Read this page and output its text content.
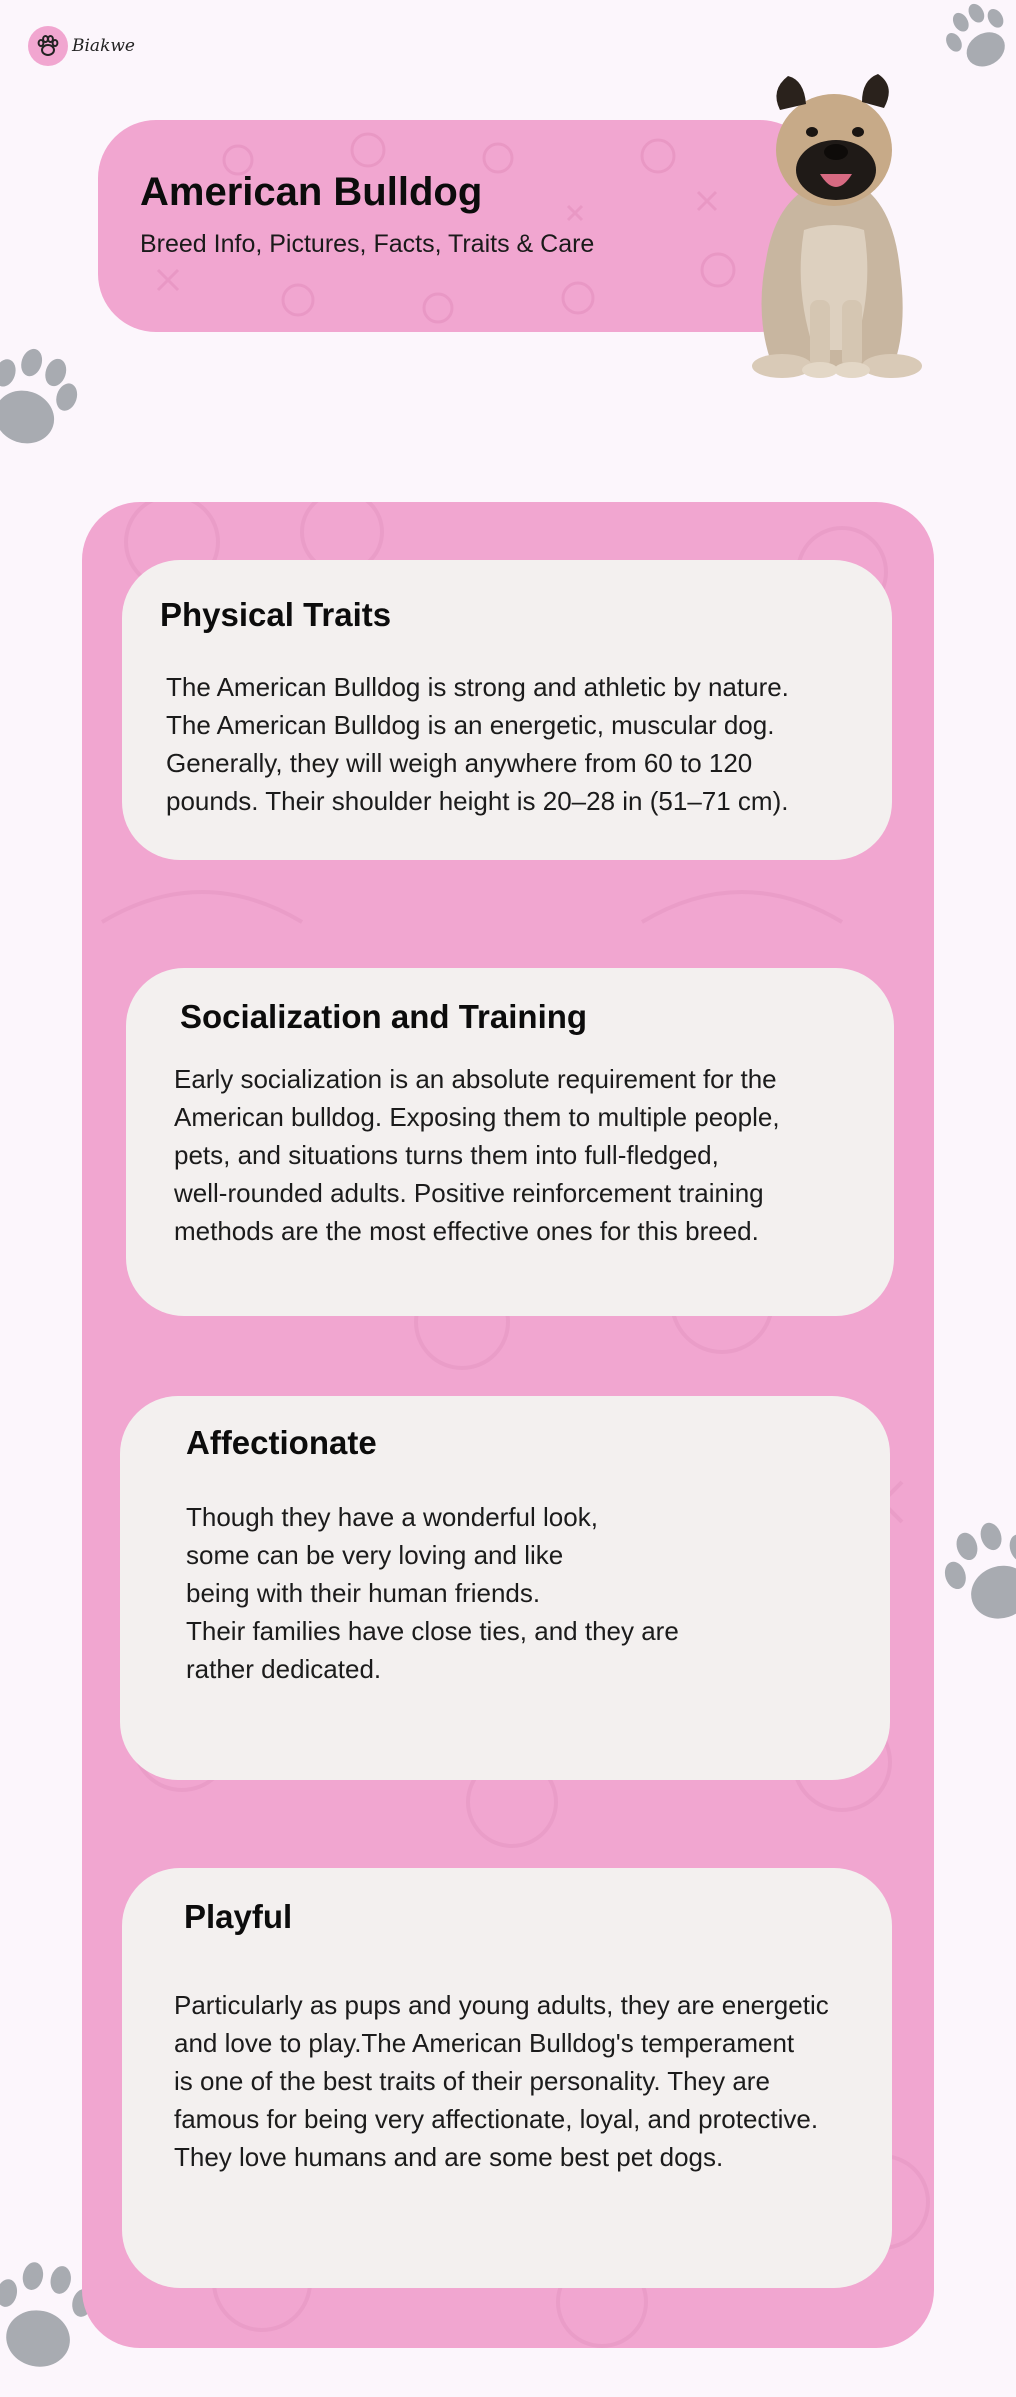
Biakwe
American Bulldog
Breed Info, Pictures, Facts, Traits & Care
Physical Traits

The American Bulldog is strong and athletic by nature.
The American Bulldog is an energetic, muscular dog.
Generally, they will weigh anywhere from 60 to 120
pounds. Their shoulder height is 20–28 in (51–71 cm).

Socialization and Training

Early socialization is an absolute requirement for the
American bulldog. Exposing them to multiple people,
pets, and situations turns them into full-fledged,
well-rounded adults. Positive reinforcement training
methods are the most effective ones for this breed.

Affectionate

Though they have a wonderful look,
some can be very loving and like
being with their human friends.
Their families have close ties, and they are
rather dedicated.

Playful

Particularly as pups and young adults, they are energetic
and love to play.The American Bulldog's temperament
is one of the best traits of their personality. They are
famous for being very affectionate, loyal, and protective.
They love humans and are some best pet dogs.
